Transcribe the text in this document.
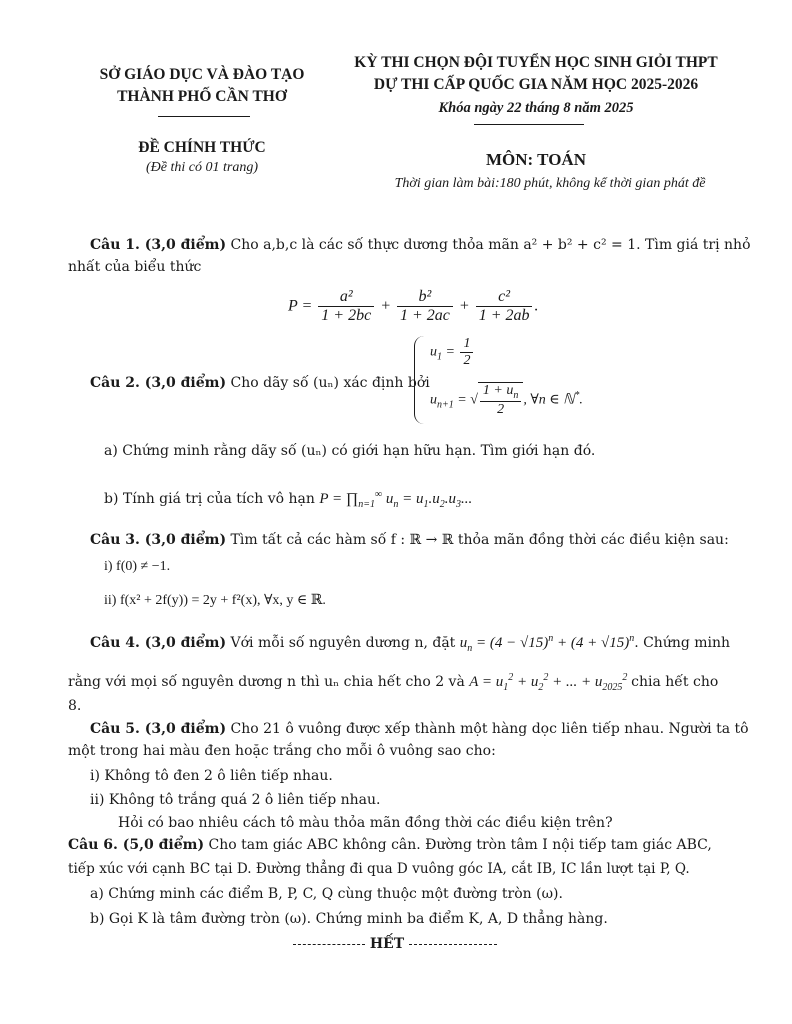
SỞ GIÁO DỤC VÀ ĐÀO TẠO
THÀNH PHỐ CẦN THƠ
ĐỀ CHÍNH THỨC
(Đề thi có 01 trang)
KỲ THI CHỌN ĐỘI TUYỂN HỌC SINH GIỎI THPT
DỰ THI CẤP QUỐC GIA NĂM HỌC 2025-2026
Khóa ngày 22 tháng 8 năm 2025
MÔN: TOÁN
Thời gian làm bài:180 phút, không kể thời gian phát đề
Câu 1. (3,0 điểm) Cho a,b,c là các số thực dương thỏa mãn a² + b² + c² = 1. Tìm giá trị nhỏ
nhất của biểu thức
$P = \frac{\text{a²}}{1 + 2bc} + \frac{\text{b²}}{1 + 2ac} + \frac{\text{c²}}{1 + 2ab}$ .
Câu 2. (3,0 điểm) Cho dãy số (uₙ) xác định bởi
$u_1 = \frac{1}{2}$
$u_{n+1}$ = √ $\frac{1 + u_n}{2}$ , ∀n ∈ ℕ*.
a) Chứng minh rằng dãy số (uₙ) có giới hạn hữu hạn. Tìm giới hạn đó.
b) Tính giá trị của tích vô hạn $P = \prod_{n=1}^\infty$ $u_n = u_1.u_2.u_3$...
Câu 3. (3,0 điểm) Tìm tất cả các hàm số f : ℝ → ℝ thỏa mãn đồng thời các điều kiện sau:
i) f(0) ≠ −1.
ii) f(x² + 2f(y)) = 2y + f²(x), ∀x, y ∈ ℝ.
Câu 4. (3,0 điểm) Với mỗi số nguyên dương n, đặt $u_n = (4 - √15)^n + (4 + √15)^n$. Chứng minh
rằng với mọi số nguyên dương n thì uₙ chia hết cho 2 và $A = u_1^2 + u_2^2$ + ... + $u_{2025}^2$ chia hết cho
8.
Câu 5. (3,0 điểm) Cho 21 ô vuông được xếp thành một hàng dọc liên tiếp nhau. Người ta tô
một trong hai màu đen hoặc trắng cho mỗi ô vuông sao cho:
i) Không tô đen 2 ô liên tiếp nhau.
ii) Không tô trắng quá 2 ô liên tiếp nhau.
Hỏi có bao nhiêu cách tô màu thỏa mãn đồng thời các điều kiện trên?
Câu 6. (5,0 điểm) Cho tam giác ABC không cân. Đường tròn tâm I nội tiếp tam giác ABC,
tiếp xúc với cạnh BC tại D. Đường thẳng đi qua D vuông góc IA, cắt IB, IC lần lượt tại P, Q.
a) Chứng minh các điểm B, P, C, Q cùng thuộc một đường tròn (ω).
b) Gọi K là tâm đường tròn (ω). Chứng minh ba điểm K, A, D thẳng hàng.
HẾT
